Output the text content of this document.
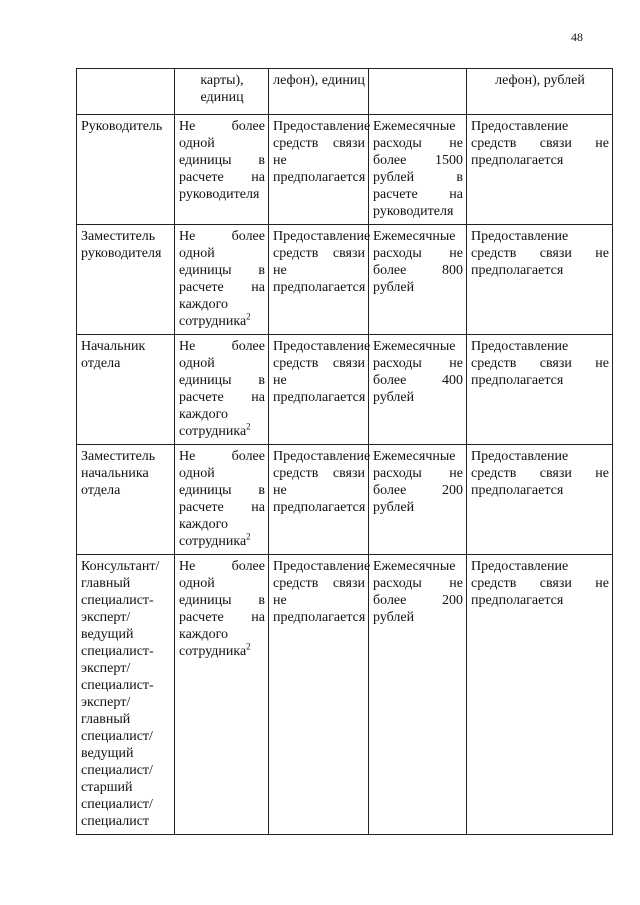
48
	карты), единиц	лефон), единиц		лефон), рублей
Руководитель	Не более одной единицы в расчете на руководителя	Предоставление средств связи не предполагается	Ежемесячные расходы не более 1500 рублей в расчете на руководителя	Предоставление средств связи не предполагается
Заместитель руководителя	Не более одной единицы в расчете на каждого сотрудника$^2$	Предоставление средств связи не предполагается	Ежемесячные расходы не более 800 рублей	Предоставление средств связи не предполагается
Начальник отдела	Не более одной единицы в расчете на каждого сотрудника$^2$	Предоставление средств связи не предполагается	Ежемесячные расходы не более 400 рублей	Предоставление средств связи не предполагается
Заместитель начальника отдела	Не более одной единицы в расчете на каждого сотрудника$^2$	Предоставление средств связи не предполагается	Ежемесячные расходы не более 200 рублей	Предоставление средств связи не предполагается
Консультант/главный специалист-эксперт/ведущий специалист-эксперт/ специалист-эксперт/ главный специалист/ ведущий специалист/старший специалист/специалист	Не более одной единицы в расчете на каждого сотрудника$^2$	Предоставление средств связи не предполагается	Ежемесячные расходы не более 200 рублей	Предоставление средств связи не предполагается
